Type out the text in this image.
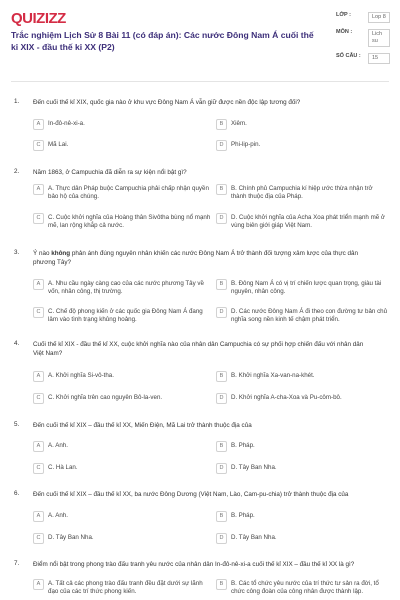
QUIZIZZ
Trắc nghiệm Lịch Sử 8 Bài 11 (có đáp án): Các nước Đông Nam Á cuối thế kỉ XIX - đầu thế kỉ XX (P2)
LỚP :	Lop 8
MÔN :	Lich su
SỐ CÂU :	15
1. Đến cuối thế kỉ XIX, quốc gia nào ở khu vực Đông Nam Á vẫn giữ được nền độc lập tương đối?
A	In-đô-nê-xi-a.	B	Xiêm.
C	Mã Lai.	D	Phi-lip-pin.
2. Năm 1863, ở Campuchia đã diễn ra sự kiện nổi bật gì?
A	A. Thực dân Pháp buộc Campuchia phải chấp nhận quyền bảo hộ của chúng.
B	B. Chính phủ Campuchia kí hiệp ước thừa nhận trở thành thuộc địa của Pháp.
C	C. Cuộc khởi nghĩa của Hoàng thân Sivôtha bùng nổ mạnh mẽ, lan rộng khắp cả nước.
D	D. Cuộc khởi nghĩa của Acha Xoa phát triển mạnh mẽ ở vùng biên giới giáp Việt Nam.
3. Ý nào không phản ánh đúng nguyên nhân khiến các nước Đông Nam Á trở thành đối tượng xâm lược của thực dân phương Tây?
A	A. Nhu cầu ngày càng cao của các nước phương Tây về vốn, nhân công, thị trường.
B	B. Đông Nam Á có vị trí chiến lược quan trọng, giàu tài nguyên, nhân công.
C	C. Chế độ phong kiến ở các quốc gia Đông Nam Á đang lâm vào tình trạng khủng hoảng.
D	D. Các nước Đông Nam Á đi theo con đường tư bản chủ nghĩa song nền kinh tế chậm phát triển.
4. Cuối thế kỉ XIX - đầu thế kỉ XX, cuộc khởi nghĩa nào của nhân dân Campuchia có sự phối hợp chiến đấu với nhân dân Việt Nam?
A	A. Khởi nghĩa Si-vô-tha.	B	B. Khởi nghĩa Xa-van-na-khét.
C	C. Khởi nghĩa trên cao nguyên Bô-la-ven.	D	D. Khởi nghĩa A-cha-Xoa và Pu-côm-bô.
5. Đến cuối thế kỉ XIX – đầu thế kỉ XX, Miến Điện, Mã Lai trở thành thuộc địa của
A	A. Anh.	B	B. Pháp.
C	C. Hà Lan.	D	D. Tây Ban Nha.
6. Đến cuối thế kỉ XIX – đầu thế kỉ XX, ba nước Đông Dương (Việt Nam, Lào, Cam-pu-chia) trở thành thuộc địa của
A	A. Anh.	B	B. Pháp.
C	D. Tây Ban Nha.	D	D. Tây Ban Nha.
7. Điểm nổi bật trong phong trào đấu tranh yêu nước của nhân dân In-đô-nê-xi-a cuối thế kỉ XIX – đầu thế kỉ XX là gì?
A	A. Tất cả các phong trào đấu tranh đều đặt dưới sự lãnh đạo của các trí thức phong kiến.
B	B. Các tổ chức yêu nước của trí thức tư sản ra đời, tổ chức công đoàn của công nhân được thành lập.
